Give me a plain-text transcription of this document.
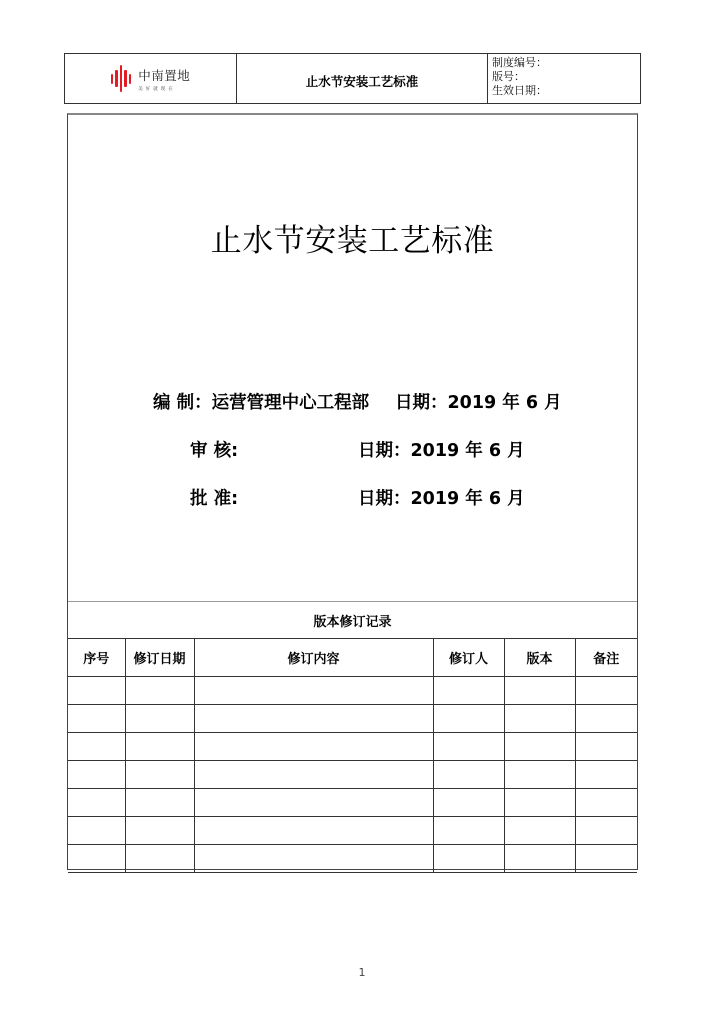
中南置地
美好就现在
止水节安装工艺标准
制度编号：
版号：
生效日期：
止水节安装工艺标准
编 制：运营管理中心工程部 日期：2019 年 6 月
审 核:	日期：2019 年 6 月
批 准:	日期：2019 年 6 月
版本修订记录					
序号	修订日期	修订内容	修订人	版本	备注

1
